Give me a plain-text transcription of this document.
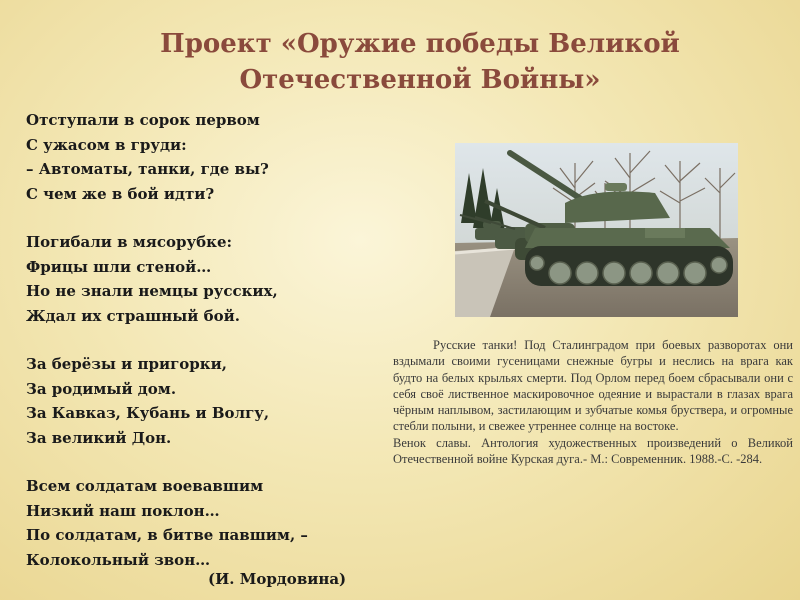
Проект «Оружие победы Великой
Отечественной Войны»
Отступали в сорок первом
С ужасом в груди:
– Автоматы, танки, где вы?
С чем же в бой идти?
Погибали в мясорубке:
Фрицы шли стеной…
Но не знали немцы русских,
Ждал их страшный бой.
За берёзы и пригорки,
За родимый дом.
За Кавказ, Кубань и Волгу,
За великий Дон.
Всем солдатам воевавшим
Низкий наш поклон…
По солдатам, в битве павшим, –
Колокольный звон…
(И. Мордовина)

Русские танки! Под Сталинградом при боевых разворотах они вздымали своими гусеницами снежные бугры и неслись на врага как будто на белых крыльях смерти. Под Орлом перед боем сбрасывали они с себя своё лиственное маскировочное одеяние и вырастали в глазах врага чёрным наплывом, застилающим и зубчатые комья бруствера, и огромные стебли полыни, и свежее утреннее солнце на востоке.

Венок славы. Антология художественных произведений о Великой Отечественной войне Курская дуга.- М.: Современник. 1988.-С. -284.
